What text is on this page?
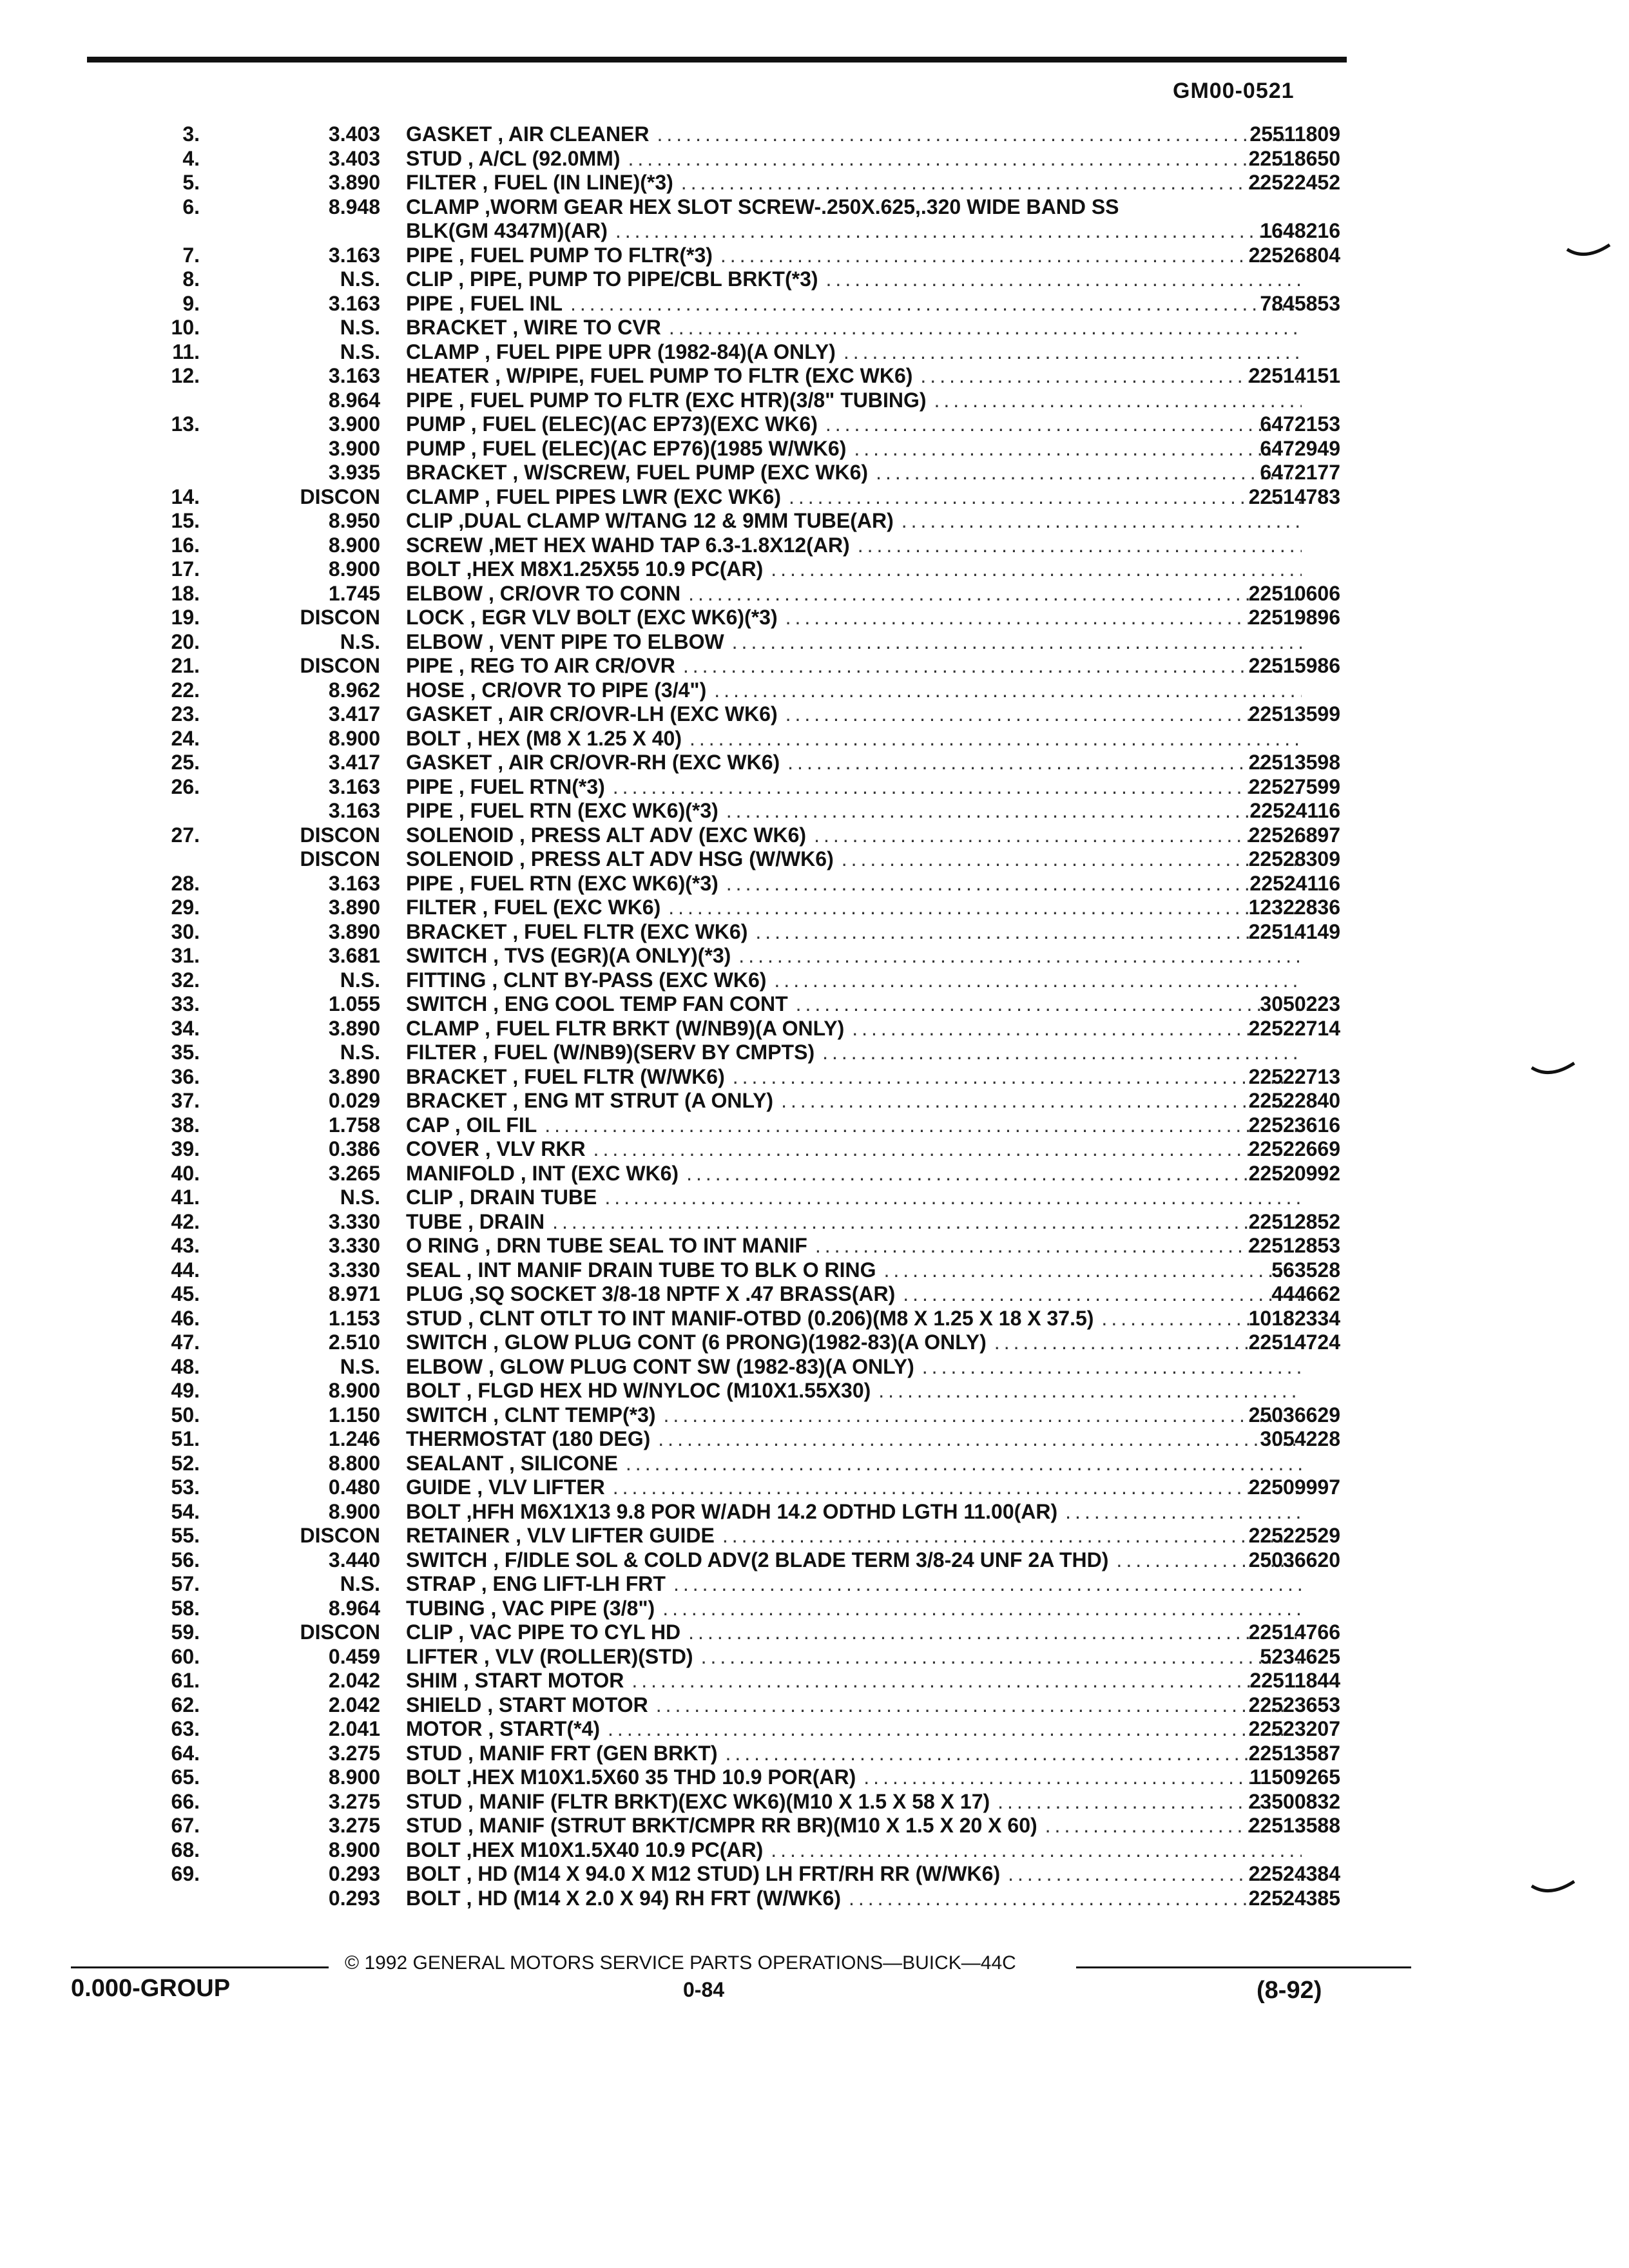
GM00-0521
3.	3.403 GASKET , AIR CLEANER .....	25511809
4.	3.403 STUD , A/CL (92.0MM) .....	22518650
5.	3.890 FILTER , FUEL (IN LINE)(*3) .....	22522452
6.	8.948 CLAMP ,WORM GEAR HEX SLOT SCREW-.250X.625,.320 WIDE BAND SS
BLK(GM 4347M)(AR) .....	1648216
7.	3.163 PIPE , FUEL PUMP TO FLTR(*3) .....	22526804
8.	N.S. CLIP , PIPE, PUMP TO PIPE/CBL BRKT(*3)
.....
9.	3.163 PIPE , FUEL INL .....	7845853
10.	N.S. BRACKET , WIRE TO CVR
.....
11.	N.S. CLAMP , FUEL PIPE UPR (1982-84)(A ONLY)
.....
12.	3.163 HEATER , W/PIPE, FUEL PUMP TO FLTR (EXC WK6) .....	22514151
8.964 PIPE , FUEL PUMP TO FLTR (EXC HTR)(3/8" TUBING)
.....
13.	3.900 PUMP , FUEL (ELEC)(AC EP73)(EXC WK6) .....	6472153
3.900 PUMP , FUEL (ELEC)(AC EP76)(1985 W/WK6) .....	6472949
3.935 BRACKET , W/SCREW, FUEL PUMP (EXC WK6) .....	6472177
14.	DISCON CLAMP , FUEL PIPES LWR (EXC WK6) .....	22514783
15.	8.950 CLIP ,DUAL CLAMP W/TANG 12 & 9MM TUBE(AR)
.....
16.	8.900 SCREW ,MET HEX WAHD TAP 6.3-1.8X12(AR)
.....
17.	8.900 BOLT ,HEX M8X1.25X55 10.9 PC(AR)
.....
18.	1.745 ELBOW , CR/OVR TO CONN .....	22510606
19.	DISCON LOCK , EGR VLV BOLT (EXC WK6)(*3) .....	22519896
20.	N.S. ELBOW , VENT PIPE TO ELBOW
.....
21.	DISCON PIPE , REG TO AIR CR/OVR .....	22515986
22.	8.962 HOSE , CR/OVR TO PIPE (3/4")
.....
23.	3.417 GASKET , AIR CR/OVR-LH (EXC WK6) .....	22513599
24.	8.900 BOLT , HEX (M8 X 1.25 X 40)
.....
25.	3.417 GASKET , AIR CR/OVR-RH (EXC WK6) .....	22513598
26.	3.163 PIPE , FUEL RTN(*3) .....	22527599
3.163 PIPE , FUEL RTN (EXC WK6)(*3) .....	22524116
27.	DISCON SOLENOID , PRESS ALT ADV (EXC WK6) .....	22526897
DISCON SOLENOID , PRESS ALT ADV HSG (W/WK6) .....	22528309
28.	3.163 PIPE , FUEL RTN (EXC WK6)(*3) .....	22524116
29.	3.890 FILTER , FUEL (EXC WK6) .....	12322836
30.	3.890 BRACKET , FUEL FLTR (EXC WK6) .....	22514149
31.	3.681 SWITCH , TVS (EGR)(A ONLY)(*3)
.....
32.	N.S. FITTING , CLNT BY-PASS (EXC WK6)
.....
33.	1.055 SWITCH , ENG COOL TEMP FAN CONT .....	3050223
34.	3.890 CLAMP , FUEL FLTR BRKT (W/NB9)(A ONLY) .....	22522714
35.	N.S. FILTER , FUEL (W/NB9)(SERV BY CMPTS)
.....
36.	3.890 BRACKET , FUEL FLTR (W/WK6) .....	22522713
37.	0.029 BRACKET , ENG MT STRUT (A ONLY) .....	22522840
38.	1.758 CAP , OIL FIL .....	22523616
39.	0.386 COVER , VLV RKR .....	22522669
40.	3.265 MANIFOLD , INT (EXC WK6) .....	22520992
41.	N.S. CLIP , DRAIN TUBE
.....
42.	3.330 TUBE , DRAIN .....	22512852
43.	3.330 O RING , DRN TUBE SEAL TO INT MANIF .....	22512853
44.	3.330 SEAL , INT MANIF DRAIN TUBE TO BLK O RING .....	563528
45.	8.971 PLUG ,SQ SOCKET 3/8-18 NPTF X .47 BRASS(AR) .....	444662
46.	1.153 STUD , CLNT OTLT TO INT MANIF-OTBD (0.206)(M8 X 1.25 X 18 X 37.5) .....	10182334
47.	2.510 SWITCH , GLOW PLUG CONT (6 PRONG)(1982-83)(A ONLY) .....	22514724
48.	N.S. ELBOW , GLOW PLUG CONT SW (1982-83)(A ONLY)
.....
49.	8.900 BOLT , FLGD HEX HD W/NYLOC (M10X1.55X30)
.....
50.	1.150 SWITCH , CLNT TEMP(*3) .....	25036629
51.	1.246 THERMOSTAT (180 DEG) .....	3054228
52.	8.800 SEALANT , SILICONE
.....
53.	0.480 GUIDE , VLV LIFTER .....	22509997
54.	8.900 BOLT ,HFH M6X1X13 9.8 POR W/ADH 14.2 ODTHD LGTH 11.00(AR)
.....
55.	DISCON RETAINER , VLV LIFTER GUIDE .....	22522529
56.	3.440 SWITCH , F/IDLE SOL & COLD ADV(2 BLADE TERM 3/8-24 UNF 2A THD) .....	25036620
57.	N.S. STRAP , ENG LIFT-LH FRT
.....
58.	8.964 TUBING , VAC PIPE (3/8")
.....
59.	DISCON CLIP , VAC PIPE TO CYL HD .....	22514766
60.	0.459 LIFTER , VLV (ROLLER)(STD) .....	5234625
61.	2.042 SHIM , START MOTOR .....	22511844
62.	2.042 SHIELD , START MOTOR .....	22523653
63.	2.041 MOTOR , START(*4) .....	22523207
64.	3.275 STUD , MANIF FRT (GEN BRKT) .....	22513587
65.	8.900 BOLT ,HEX M10X1.5X60 35 THD 10.9 POR(AR) .....	11509265
66.	3.275 STUD , MANIF (FLTR BRKT)(EXC WK6)(M10 X 1.5 X 58 X 17) .....	23500832
67.	3.275 STUD , MANIF (STRUT BRKT/CMPR RR BR)(M10 X 1.5 X 20 X 60) .....	22513588
68.	8.900 BOLT ,HEX M10X1.5X40 10.9 PC(AR)
.....
69.	0.293 BOLT , HD (M14 X 94.0 X M12 STUD) LH FRT/RH RR (W/WK6) .....	22524384
0.293 BOLT , HD (M14 X 2.0 X 94) RH FRT (W/WK6) .....	22524385
© 1992 GENERAL MOTORS SERVICE PARTS OPERATIONS—BUICK—44C
0.000-GROUP	0-84	(8-92)
